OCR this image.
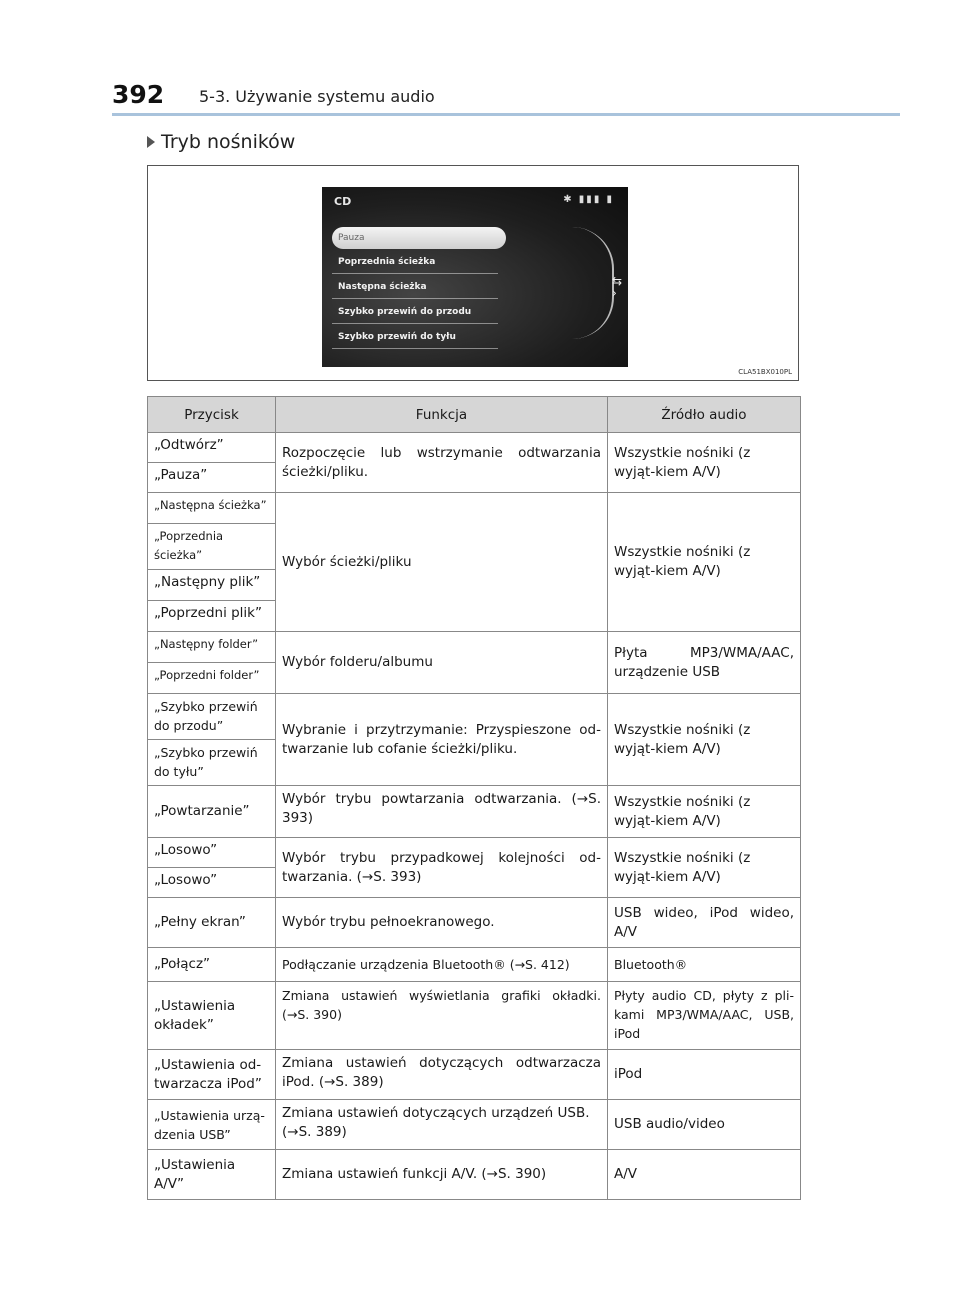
392 5-3. Używanie systemu audio
Tryb nośników
CD	✱ ▮▮▮ ▮
Pauza
Poprzednia ścieżka
Następna ścieżka
Szybko przewiń do przodu
Szybko przewiń do tyłu
⇆
›
CLA51BX010PL
Przycisk	Funkcja	Źródło audio
„Odtwórz”	Rozpoczęcie lub wstrzymanie odtwarzania ścieżki/pliku.	Wszystkie nośniki (z wyjąt-kiem A/V)
„Pauza”		
„Następna ścieżka”	Wybór ścieżki/pliku	Wszystkie nośniki (z wyjąt-kiem A/V)
„Poprzednia ścieżka”		
„Następny plik”		
„Poprzedni plik”		
„Następny folder”	Wybór folderu/albumu	Płyta MP3/WMA/AAC, urządzenie USB
„Poprzedni folder”		
„Szybko przewiń do przodu”	Wybranie i przytrzymanie: Przyspieszone od-twarzanie lub cofanie ścieżki/pliku.	Wszystkie nośniki (z wyjąt-kiem A/V)
„Szybko przewiń do tyłu”		
„Powtarzanie”	Wybór trybu powtarzania odtwarzania. (→S. 393)	Wszystkie nośniki (z wyjąt-kiem A/V)
„Losowo”	Wybór trybu przypadkowej kolejności od-twarzania. (→S. 393)	Wszystkie nośniki (z wyjąt-kiem A/V)
„Losowo”		
„Pełny ekran”	Wybór trybu pełnoekranowego.	USB wideo, iPod wideo, A/V
„Połącz”	Podłączanie urządzenia Bluetooth® (→S. 412)	Bluetooth®
„Ustawienia okładek”	Zmiana ustawień wyświetlania grafiki okładki. (→S. 390)	Płyty audio CD, płyty z pli-kami MP3/WMA/AAC, USB, iPod
„Ustawienia od-twarzacza iPod”	Zmiana ustawień dotyczących odtwarzacza iPod. (→S. 389)	iPod
„Ustawienia urzą-dzenia USB”	Zmiana ustawień dotyczących urządzeń USB. (→S. 389)	USB audio/video
„Ustawienia A/V”	Zmiana ustawień funkcji A/V. (→S. 390)	A/V
